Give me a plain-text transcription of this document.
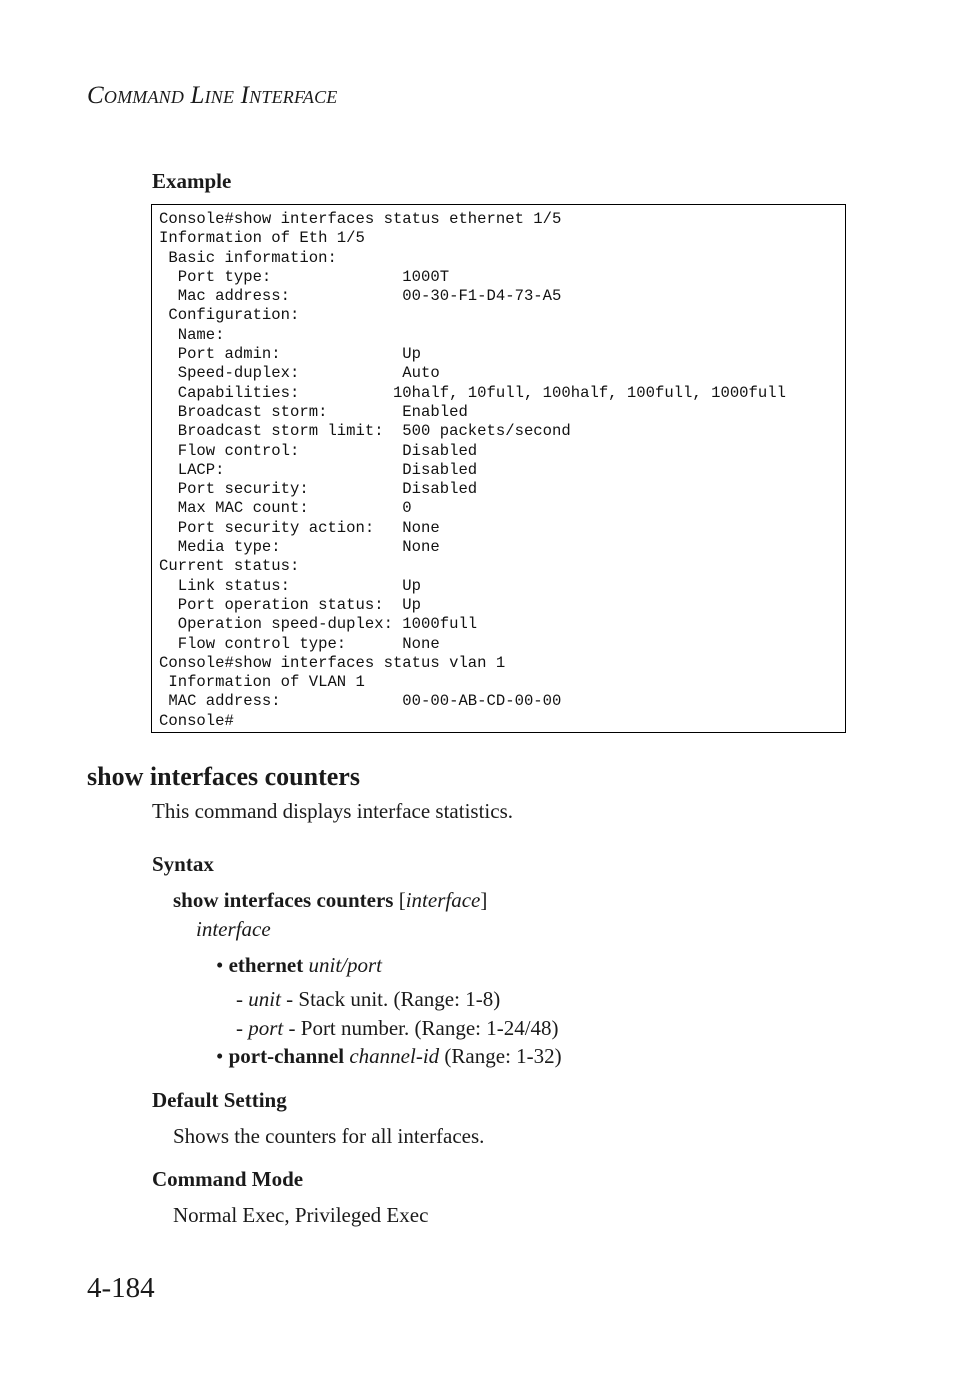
Command Line Interface
Example
Console#show interfaces status ethernet 1/5
Information of Eth 1/5
Basic information:
Port type:              1000T
Mac address:            00-30-F1-D4-73-A5
Configuration:
Name:
Port admin:             Up
Speed-duplex:           Auto
Capabilities:          10half, 10full, 100half, 100full, 1000full
Broadcast storm:        Enabled
Broadcast storm limit:  500 packets/second
Flow control:           Disabled
LACP:                   Disabled
Port security:          Disabled
Max MAC count:          0
Port security action:   None
Media type:             None
Current status:
Link status:            Up
Port operation status:  Up
Operation speed-duplex: 1000full
Flow control type:      None
Console#show interfaces status vlan 1
Information of VLAN 1
MAC address:             00-00-AB-CD-00-00
Console#
show interfaces counters
This command displays interface statistics.
Syntax
show interfaces counters [interface]
interface
• ethernet unit/port
- unit - Stack unit. (Range: 1-8)
- port - Port number. (Range: 1-24/48)
• port-channel channel-id (Range: 1-32)
Default Setting
Shows the counters for all interfaces.
Command Mode
Normal Exec, Privileged Exec
4-184
